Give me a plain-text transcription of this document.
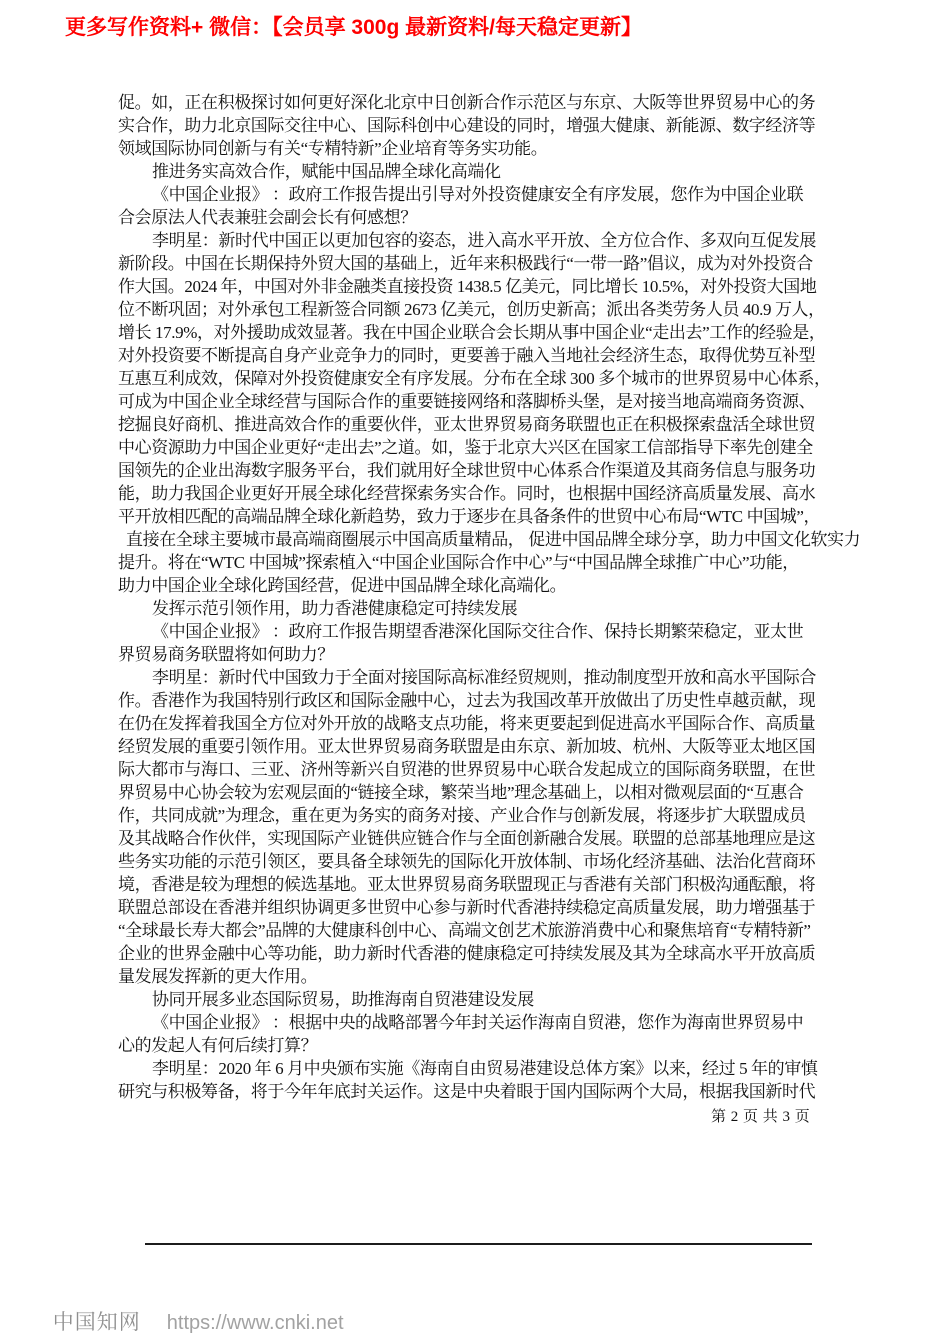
更多写作资料+ 微信：【会员享 300g 最新资料/每天稳定更新】
促。如，正在积极探讨如何更好深化北京中日创新合作示范区与东京、大阪等世界贸易中心的务
实合作，助力北京国际交往中心、国际科创中心建设的同时，增强大健康、新能源、数字经济等
领域国际协同创新与有关“专精特新”企业培育等务实功能。
推进务实高效合作，赋能中国品牌全球化高端化
《中国企业报》 ：政府工作报告提出引导对外投资健康安全有序发展，您作为中国企业联
合会原法人代表兼驻会副会长有何感想？
李明星：新时代中国正以更加包容的姿态，进入高水平开放、全方位合作、多双向互促发展
新阶段。中国在长期保持外贸大国的基础上，近年来积极践行“一带一路”倡议，成为对外投资合
作大国。2024 年，中国对外非金融类直接投资 1438.5 亿美元，同比增长 10.5%，对外投资大国地
位不断巩固；对外承包工程新签合同额 2673 亿美元，创历史新高；派出各类劳务人员 40.9 万人，
增长 17.9%，对外援助成效显著。我在中国企业联合会长期从事中国企业“走出去”工作的经验是，
对外投资要不断提高自身产业竞争力的同时，更要善于融入当地社会经济生态，取得优势互补型
互惠互利成效，保障对外投资健康安全有序发展。分布在全球 300 多个城市的世界贸易中心体系，
可成为中国企业全球经营与国际合作的重要链接网络和落脚桥头堡，是对接当地高端商务资源、
挖掘良好商机、推进高效合作的重要伙伴，亚太世界贸易商务联盟也正在积极探索盘活全球世贸
中心资源助力中国企业更好“走出去”之道。如，鉴于北京大兴区在国家工信部指导下率先创建全
国领先的企业出海数字服务平台，我们就用好全球世贸中心体系合作渠道及其商务信息与服务功
能，助力我国企业更好开展全球化经营探索务实合作。同时，也根据中国经济高质量发展、高水
平开放相匹配的高端品牌全球化新趋势，致力于逐步在具备条件的世贸中心布局“WTC 中国城”，
直接在全球主要城市最高端商圈展示中国高质量精品， 促进中国品牌全球分享，助力中国文化软实力
提升。将在“WTC 中国城”探索植入“中国企业国际合作中心”与“中国品牌全球推广中心”功能，
助力中国企业全球化跨国经营，促进中国品牌全球化高端化。
发挥示范引领作用，助力香港健康稳定可持续发展
《中国企业报》 ：政府工作报告期望香港深化国际交往合作、保持长期繁荣稳定，亚太世
界贸易商务联盟将如何助力？
李明星：新时代中国致力于全面对接国际高标准经贸规则，推动制度型开放和高水平国际合
作。香港作为我国特别行政区和国际金融中心，过去为我国改革开放做出了历史性卓越贡献，现
在仍在发挥着我国全方位对外开放的战略支点功能，将来更要起到促进高水平国际合作、高质量
经贸发展的重要引领作用。亚太世界贸易商务联盟是由东京、新加坡、杭州、大阪等亚太地区国
际大都市与海口、三亚、济州等新兴自贸港的世界贸易中心联合发起成立的国际商务联盟，在世
界贸易中心协会较为宏观层面的“链接全球，繁荣当地”理念基础上，以相对微观层面的“互惠合
作，共同成就”为理念，重在更为务实的商务对接、产业合作与创新发展，将逐步扩大联盟成员
及其战略合作伙伴，实现国际产业链供应链合作与全面创新融合发展。联盟的总部基地理应是这
些务实功能的示范引领区，要具备全球领先的国际化开放体制、市场化经济基础、法治化营商环
境，香港是较为理想的候选基地。亚太世界贸易商务联盟现正与香港有关部门积极沟通酝酿，将
联盟总部设在香港并组织协调更多世贸中心参与新时代香港持续稳定高质量发展，助力增强基于
“全球最长寿大都会”品牌的大健康科创中心、高端文创艺术旅游消费中心和聚焦培育“专精特新”
企业的世界金融中心等功能，助力新时代香港的健康稳定可持续发展及其为全球高水平开放高质
量发展发挥新的更大作用。
协同开展多业态国际贸易，助推海南自贸港建设发展
《中国企业报》 ：根据中央的战略部署今年封关运作海南自贸港，您作为海南世界贸易中
心的发起人有何后续打算？
李明星：2020 年 6 月中央颁布实施《海南自由贸易港建设总体方案》以来，经过 5 年的审慎
研究与积极筹备，将于今年年底封关运作。这是中央着眼于国内国际两个大局，根据我国新时代
第 2 页 共 3 页

中国知网 https://www.cnki.net
